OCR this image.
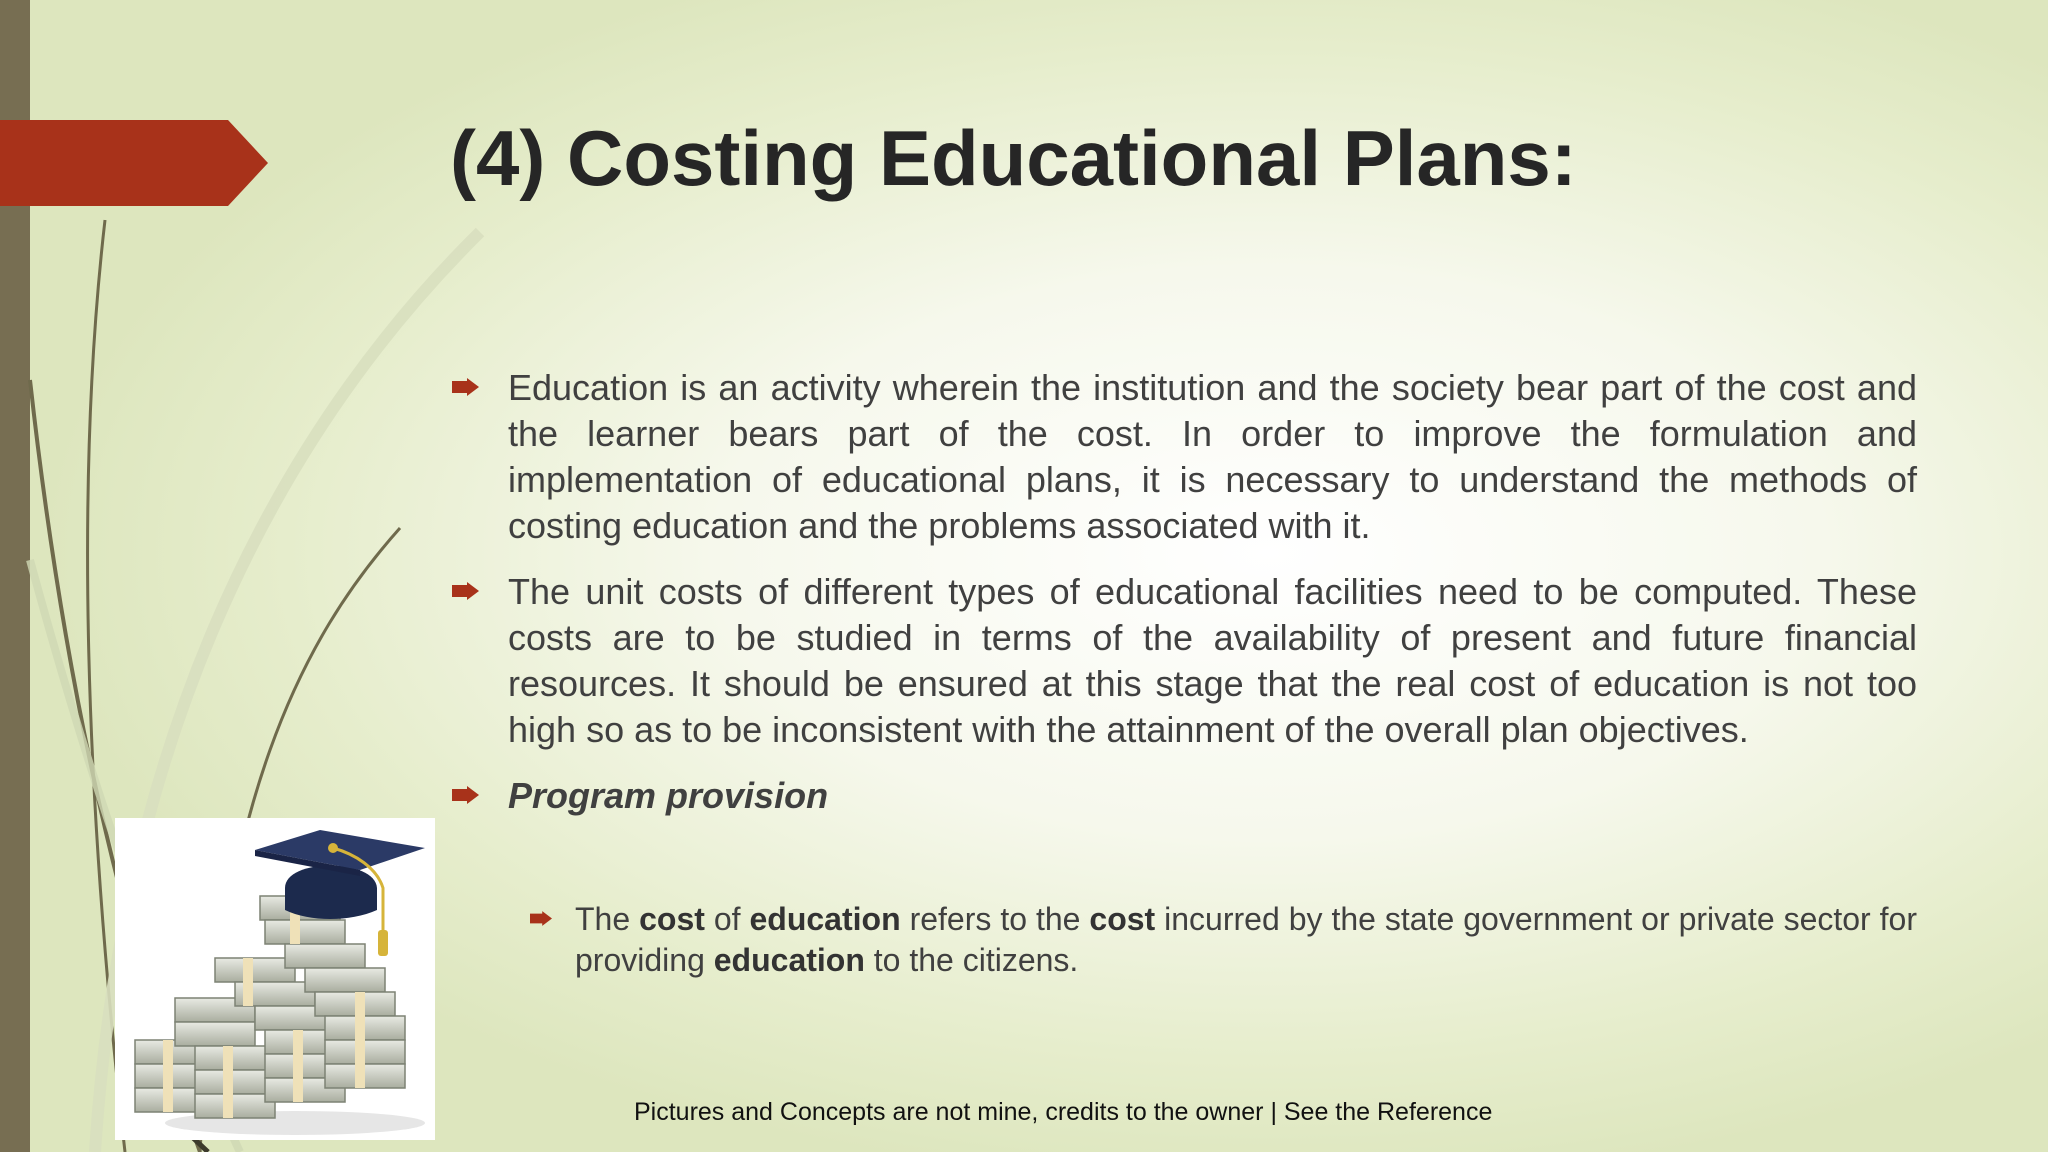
(4) Costing Educational Plans:
Education is an activity wherein the institution and the society bear part of the cost and the learner bears part of the cost. In order to improve the formulation and implementation of educational plans, it is necessary to understand the methods of costing education and the problems associated with it.
The unit costs of different types of educational facilities need to be computed. These costs are to be studied in terms of the availability of present and future financial resources. It should be ensured at this stage that the real cost of education is not too high so as to be inconsistent with the attainment of the overall plan objectives.
Program provision
The cost of education refers to the cost incurred by the state government or private sector for providing education to the citizens.
Pictures and Concepts are not mine, credits to the owner | See the Reference
